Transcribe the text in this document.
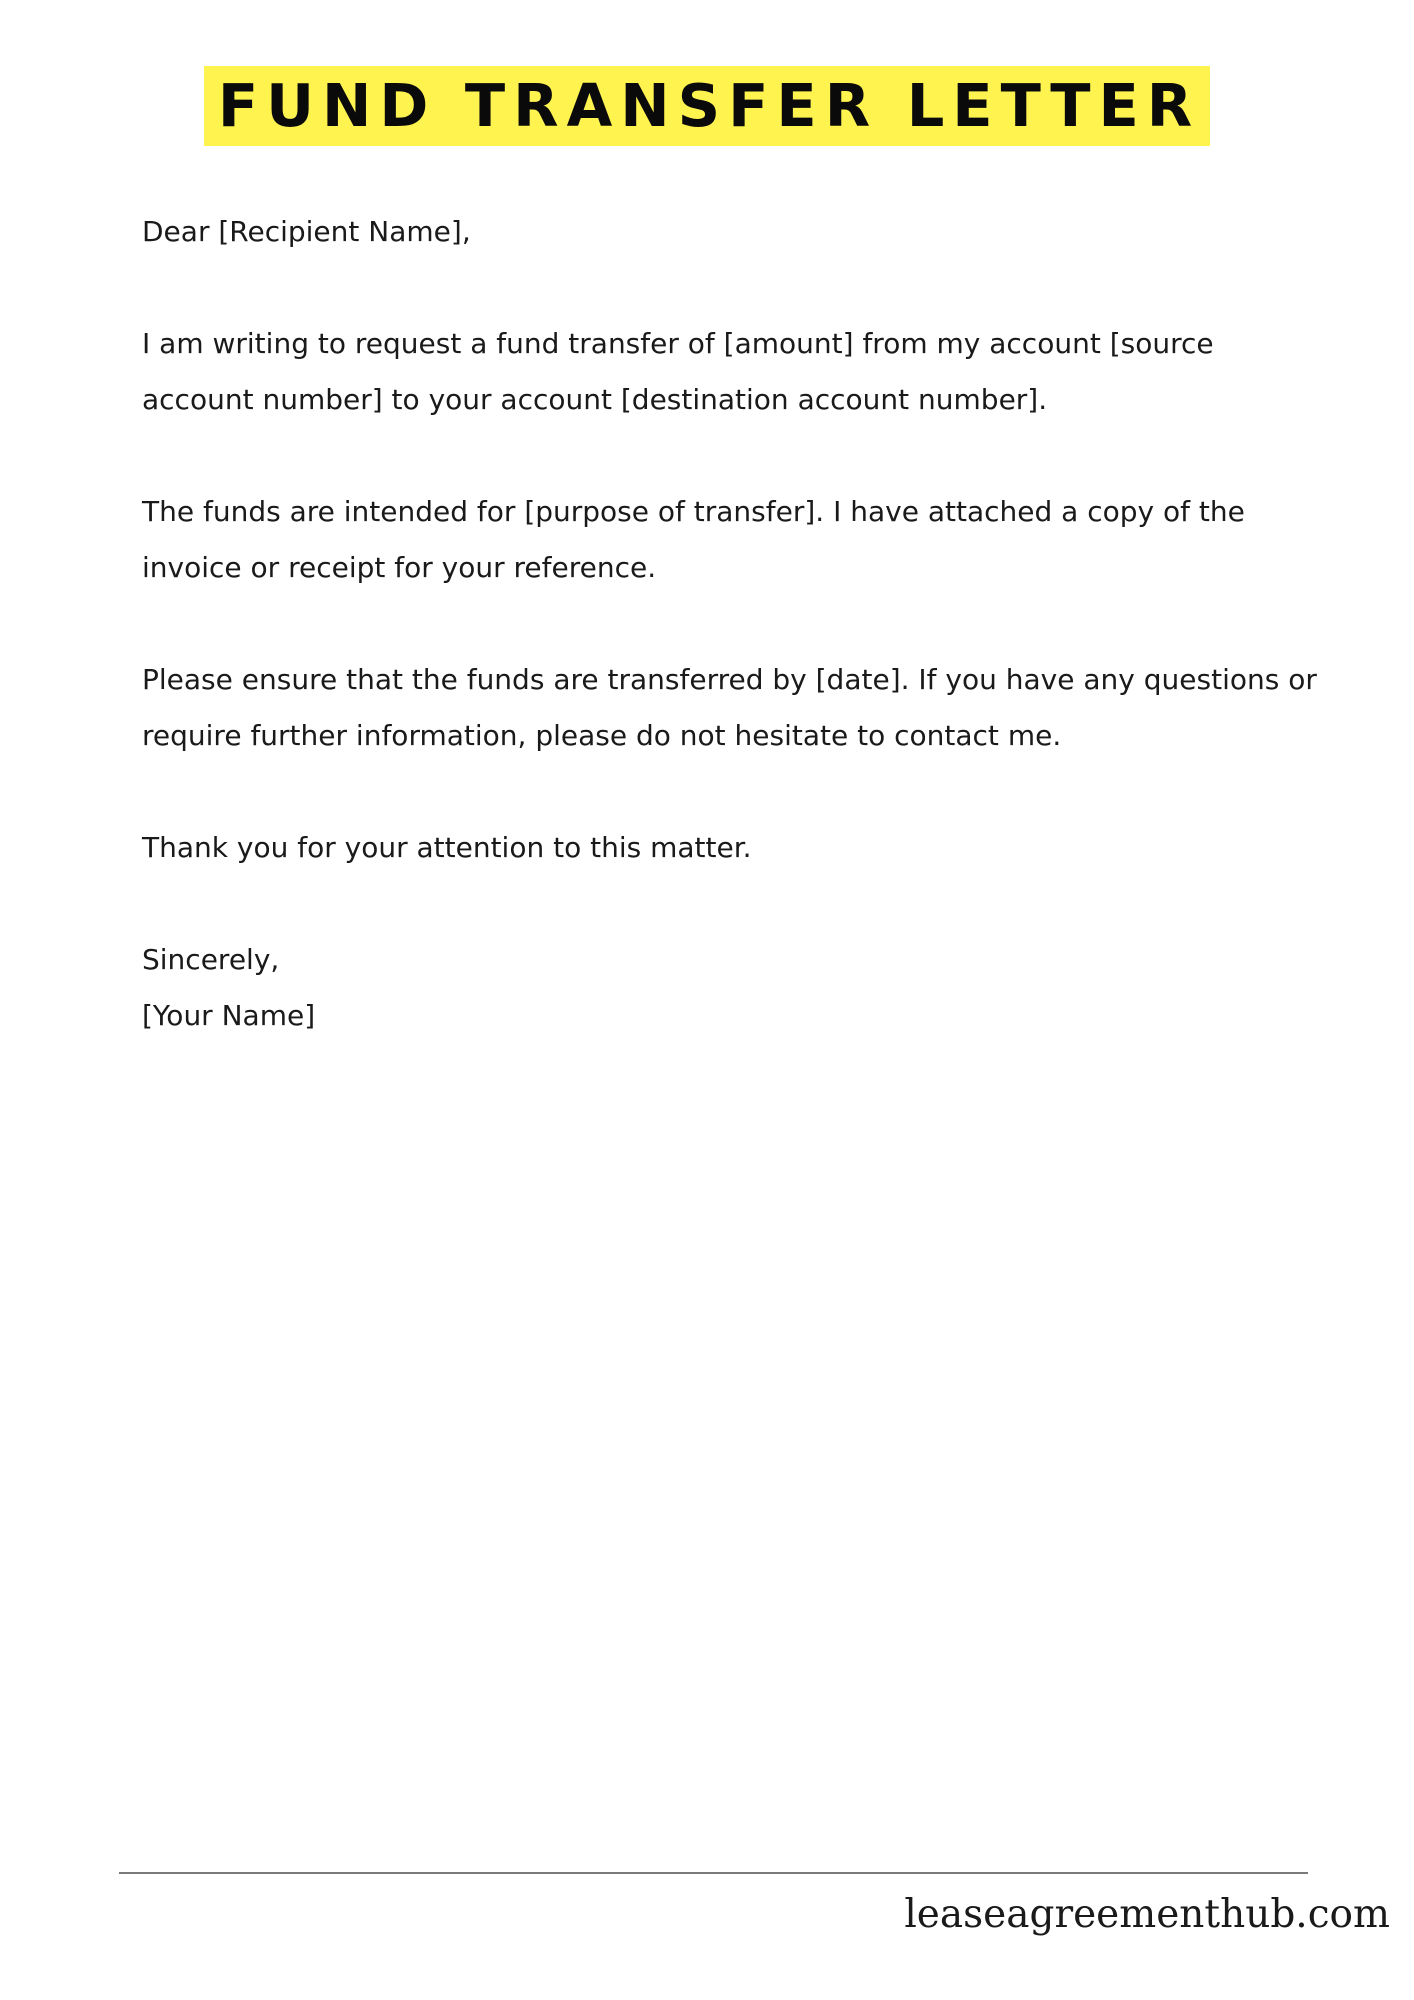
FUND TRANSFER LETTER

Dear [Recipient Name],

I am writing to request a fund transfer of [amount] from my account [source account number] to your account [destination account number].

The funds are intended for [purpose of transfer]. I have attached a copy of the invoice or receipt for your reference.

Please ensure that the funds are transferred by [date]. If you have any questions or require further information, please do not hesitate to contact me.

Thank you for your attention to this matter.

Sincerely,
[Your Name]

leaseagreementhub.com
